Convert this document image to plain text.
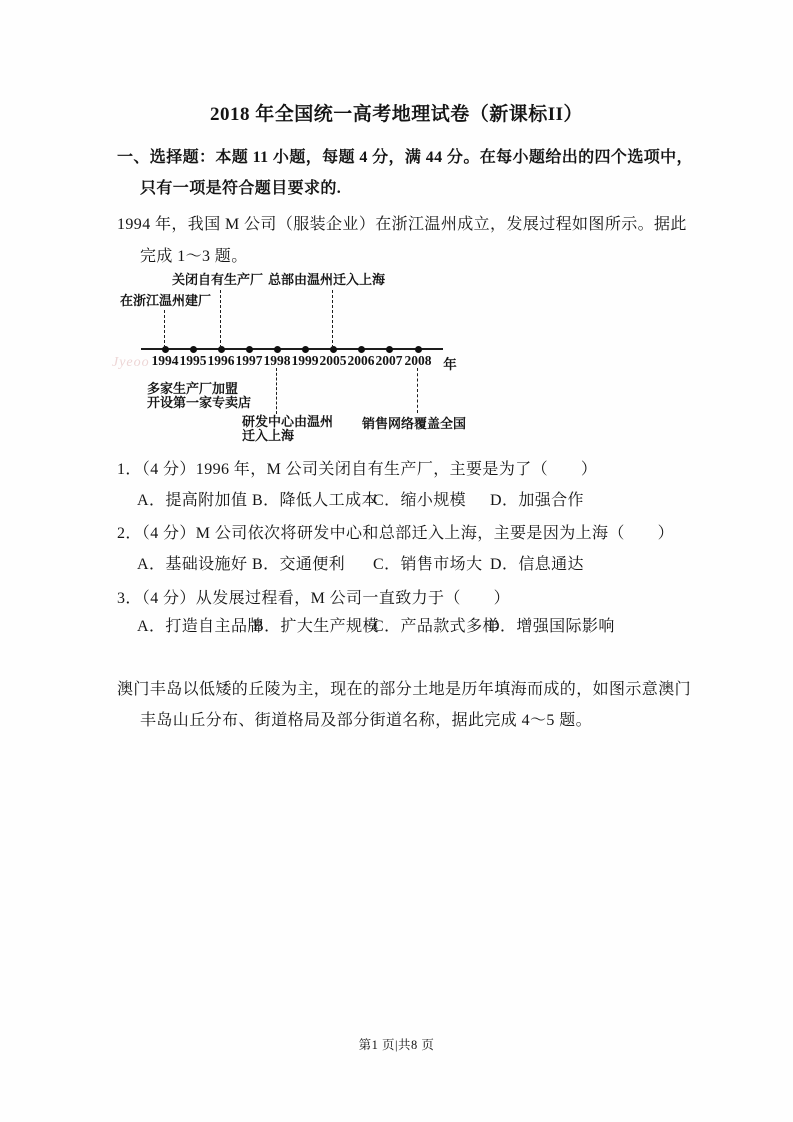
2018 年全国统一高考地理试卷（新课标II）
一、选择题：本题 11 小题，每题 4 分，满 44 分。在每小题给出的四个选项中，
只有一项是符合题目要求的.
1994 年，我国 M 公司（服装企业）在浙江温州成立，发展过程如图所示。据此
完成 1～3 题。
Jyeoo 1994 1995 1996 1997 1998 1999 2005 2006 2007 2008 年
在浙江温州建厂
关闭自有生产厂 总部由温州迁入上海
多家生产厂加盟
开设第一家专卖店
研发中心由温州
迁入上海
销售网络覆盖全国
1．（4 分）1996 年，M 公司关闭自有生产厂，主要是为了（　　）
A．提高附加值 B．降低人工成本
C．缩小规模 D．加强合作
2．（4 分）M 公司依次将研发中心和总部迁入上海，主要是因为上海（　　）
A．基础设施好 B．交通便利 C．销售市场大 D．信息通达
3．（4 分）从发展过程看，M 公司一直致力于（　　）
A．打造自主品牌
B．扩大生产规模
C．产品款式多样
D．增强国际影响
澳门丰岛以低矮的丘陵为主，现在的部分土地是历年填海而成的，如图示意澳门
丰岛山丘分布、街道格局及部分街道名称，据此完成 4～5 题。
第1 页|共8 页
